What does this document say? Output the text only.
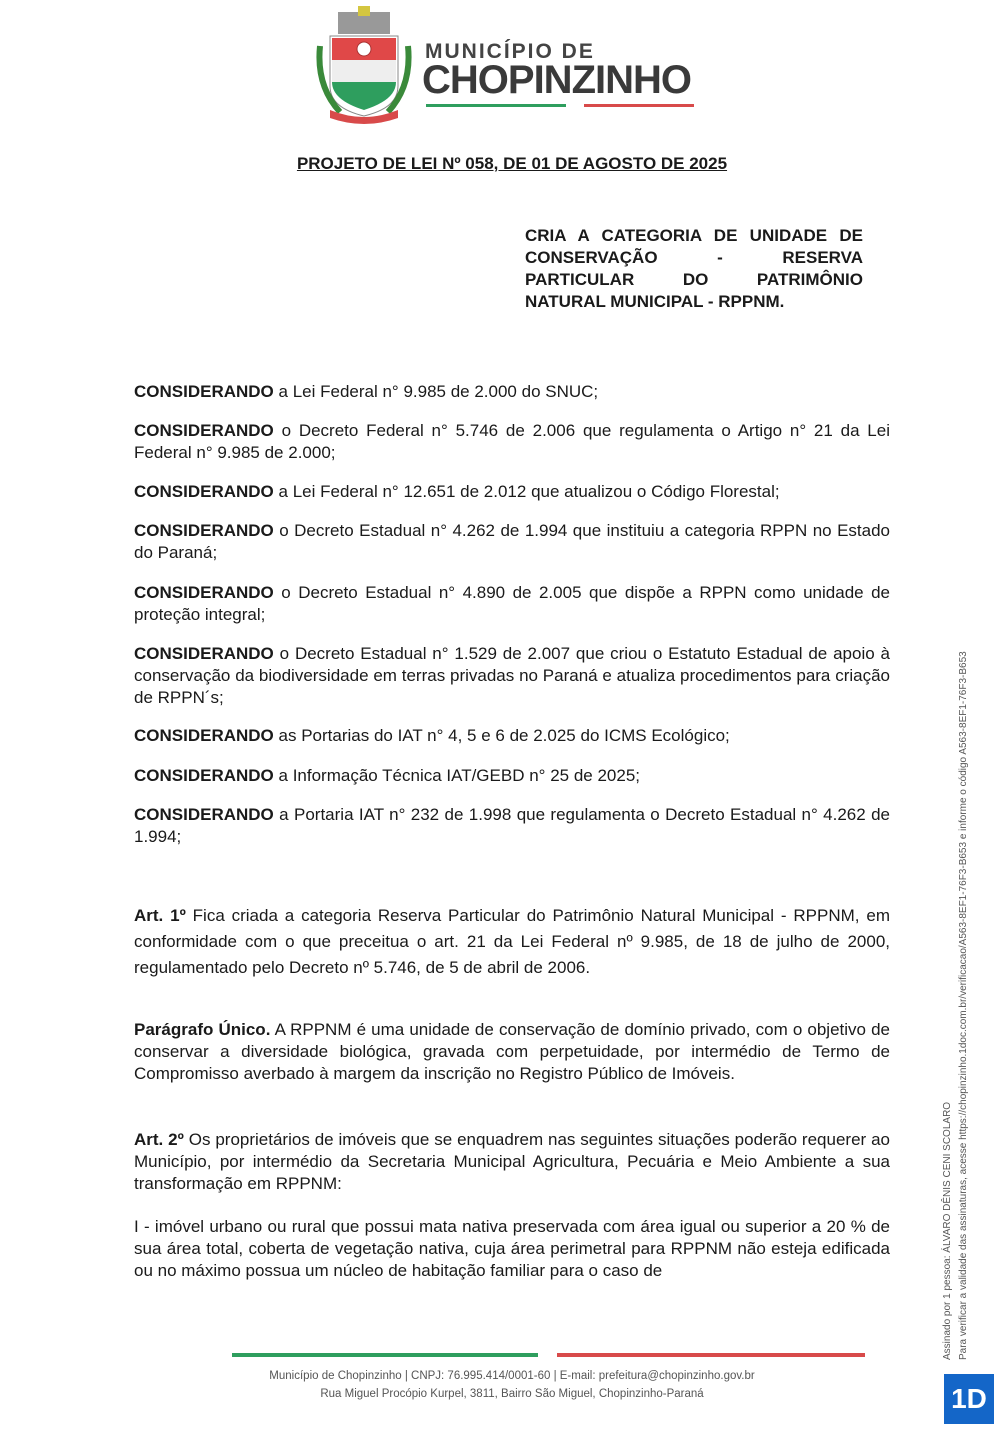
MUNICÍPIO DE
CHOPINZINHO
PROJETO DE LEI Nº 058, DE 01 DE AGOSTO DE 2025
CRIA A CATEGORIA DE UNIDADE DE CONSERVAÇÃO - RESERVA PARTICULAR DO PATRIMÔNIO
NATURAL MUNICIPAL - RPPNM.
CONSIDERANDO a Lei Federal n° 9.985 de 2.000 do SNUC;
CONSIDERANDO o Decreto Federal n° 5.746 de 2.006 que regulamenta o Artigo n° 21 da Lei Federal n° 9.985 de 2.000;
CONSIDERANDO a Lei Federal n° 12.651 de 2.012 que atualizou o Código Florestal;
CONSIDERANDO o Decreto Estadual n° 4.262 de 1.994 que instituiu a categoria RPPN no Estado do Paraná;
CONSIDERANDO o Decreto Estadual n° 4.890 de 2.005 que dispõe a RPPN como unidade de proteção integral;
CONSIDERANDO o Decreto Estadual n° 1.529 de 2.007 que criou o Estatuto Estadual de apoio à conservação da biodiversidade em terras privadas no Paraná e atualiza procedimentos para criação de RPPN´s;
CONSIDERANDO as Portarias do IAT n° 4, 5 e 6 de 2.025 do ICMS Ecológico;
CONSIDERANDO a Informação Técnica IAT/GEBD n° 25 de 2025;
CONSIDERANDO a Portaria IAT n° 232 de 1.998 que regulamenta o Decreto Estadual n° 4.262 de 1.994;
Art. 1º Fica criada a categoria Reserva Particular do Patrimônio Natural Municipal - RPPNM, em conformidade com o que preceitua o art. 21 da Lei Federal nº 9.985, de 18 de julho de 2000, regulamentado pelo Decreto nº 5.746, de 5 de abril de 2006.
Parágrafo Único. A RPPNM é uma unidade de conservação de domínio privado, com o objetivo de conservar a diversidade biológica, gravada com perpetuidade, por intermédio de Termo de Compromisso averbado à margem da inscrição no Registro Público de Imóveis.
Art. 2º Os proprietários de imóveis que se enquadrem nas seguintes situações poderão requerer ao Município, por intermédio da Secretaria Municipal Agricultura, Pecuária e Meio Ambiente a sua transformação em RPPNM:
I - imóvel urbano ou rural que possui mata nativa preservada com área igual ou superior a 20 % de sua área total, coberta de vegetação nativa, cuja área perimetral para RPPNM não esteja edificada ou no máximo possua um núcleo de habitação familiar para o caso de	Assinado por 1 pessoa: ÁLVARO DÊNIS CENI SCOLARO Para verificar a validade das assinaturas, acesse https://chopinzinho.1doc.com.br/verificacao/A563-8EF1-76F3-B653 e informe o código A563-8EF1-76F3-B653
1D
Município de Chopinzinho | CNPJ: 76.995.414/0001-60 | E-mail: prefeitura@chopinzinho.gov.br
Rua Miguel Procópio Kurpel, 3811, Bairro São Miguel, Chopinzinho-Paraná
